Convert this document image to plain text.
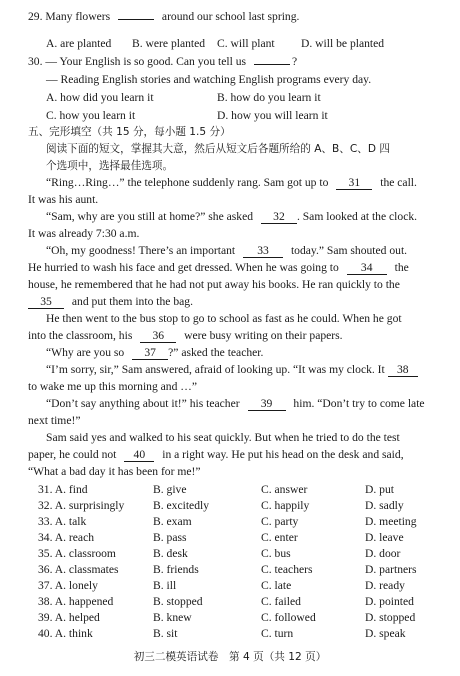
29. Many flowers	around our school last spring.
A. are planted B. were planted C. will plant D. will be planted
30. — Your English is so good. Can you tell us	?
— Reading English stories and watching English programs every day.
A. how did you learn it	B. how do you learn it
C. how you learn it	D. how you will learn it
五、完形填空（共 15 分，每小题 1.5 分）
阅读下面的短文，掌握其大意，然后从短文后各题所给的 A、B、C、D 四
个选项中，选择最佳选项。
“Ring…Ring…” the telephone suddenly rang. Sam got up to 31 the call.
It was his aunt.
“Sam, why are you still at home?” she asked 32 . Sam looked at the clock.
It was already 7:30 a.m.
“Oh, my goodness! There’s an important 33 today.” Sam shouted out.
He hurried to wash his face and get dressed. When he was going to 34 the
house, he remembered that he had not put away his books. He ran quickly to the
35 and put them into the bag.
He then went to the bus stop to go to school as fast as he could. When he got
into the classroom, his 36 were busy writing on their papers.
“Why are you so 37 ?” asked the teacher.
“I’m sorry, sir,” Sam answered, afraid of looking up. “It was my clock. It 38
to wake me up this morning and …”
“Don’t say anything about it!” his teacher 39 him. “Don’t try to come late
next time!”
Sam said yes and walked to his seat quickly. But when he tried to do the test
paper, he could not 40 in a right way. He put his head on the desk and said,
“What a bad day it has been for me!”
31. A. find	B. give	C. answer	D. put
32. A. surprisingly B. excitedly	C. happily	D. sadly
33. A. talk	B. exam	C. party	D. meeting
34. A. reach	B. pass	C. enter	D. leave
35. A. classroom	B. desk	C. bus	D. door
36. A. classmates	B. friends	C. teachers	D. partners
37. A. lonely	B. ill	C. late	D. ready
38. A. happened	B. stopped	C. failed	D. pointed
39. A. helped	B. knew	C. followed	D. stopped
40. A. think	B. sit	C. turn	D. speak
初三二模英语试卷　第 4 页（共 12 页）
